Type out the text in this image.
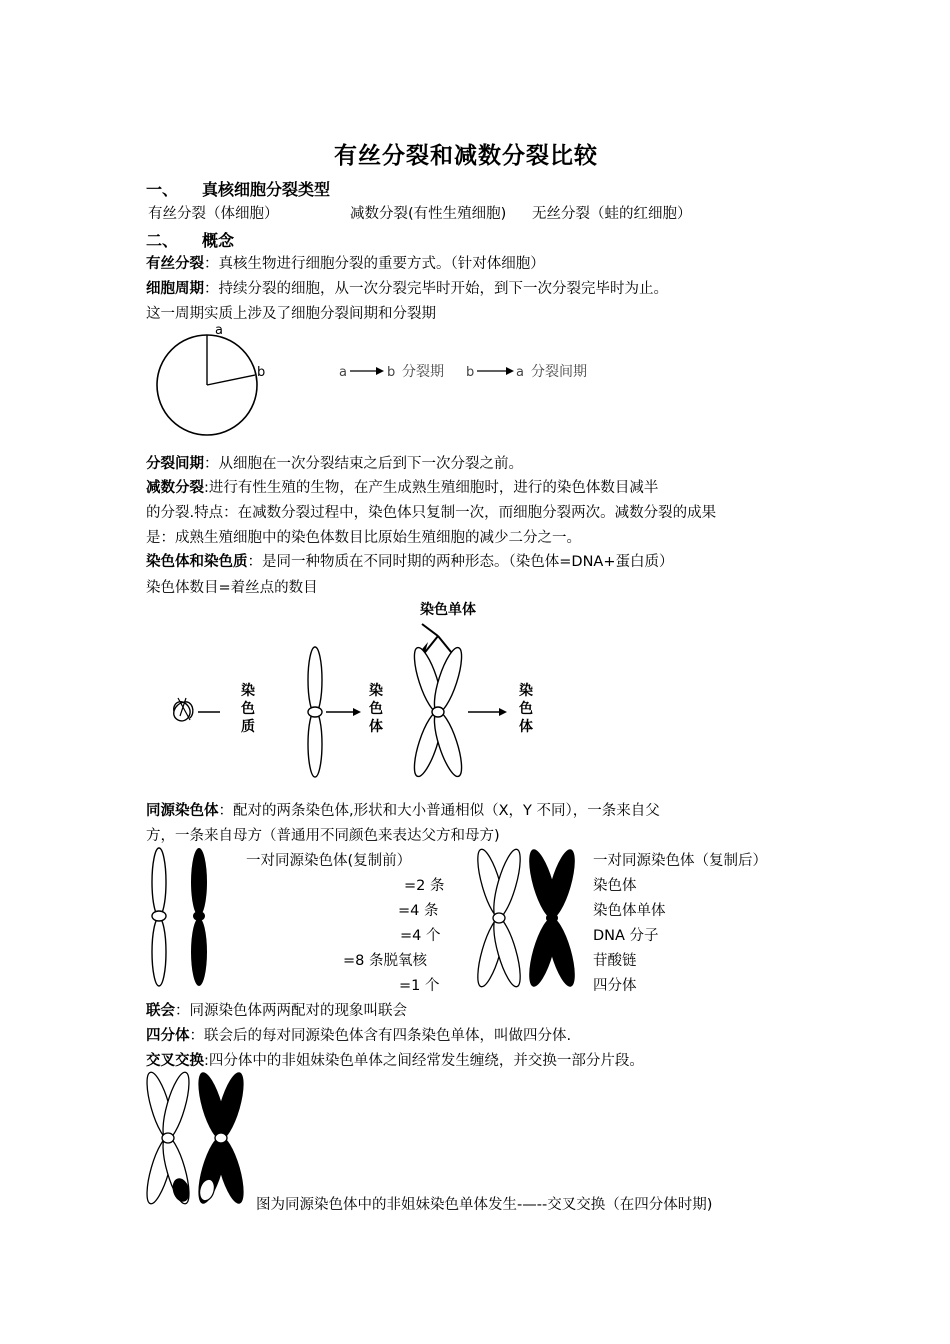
有丝分裂和减数分裂比较
一、 真核细胞分裂类型
有丝分裂（体细胞）	减数分裂(有性生殖细胞) 无丝分裂（蛙的红细胞）
二、 概念
有丝分裂：真核生物进行细胞分裂的重要方式。（针对体细胞）
细胞周期：持续分裂的细胞，从一次分裂完毕时开始，到下一次分裂完毕时为止。
这一周期实质上涉及了细胞分裂间期和分裂期
a
b	a	b 分裂期 b	a 分裂间期
分裂间期：从细胞在一次分裂结束之后到下一次分裂之前。
减数分裂:进行有性生殖的生物，在产生成熟生殖细胞时，进行的染色体数目减半
的分裂.特点：在减数分裂过程中，染色体只复制一次，而细胞分裂两次。减数分裂的成果
是：成熟生殖细胞中的染色体数目比原始生殖细胞的减少二分之一。
染色体和染色质：是同一种物质在不同时期的两种形态。（染色体=DNA+蛋白质）
染色体数目=着丝点的数目
染色单体
染
色
质
染
色
体
染
色
体
同源染色体：配对的两条染色体,形状和大小普通相似（X，Y 不同），一条来自父
方，一条来自母方（普通用不同颜色来表达父方和母方)
一对同源染色体(复制前）
=2 条
=4 条
=4 个
=8 条脱氧核
=1 个
一对同源染色体（复制后）
染色体
染色体单体
DNA 分子
苷酸链
四分体
联会：同源染色体两两配对的现象叫联会
四分体：联会后的每对同源染色体含有四条染色单体，叫做四分体.
交叉交换:四分体中的非姐妹染色单体之间经常发生缠绕，并交换一部分片段。
图为同源染色体中的非姐妹染色单体发生-—--交叉交换（在四分体时期)
